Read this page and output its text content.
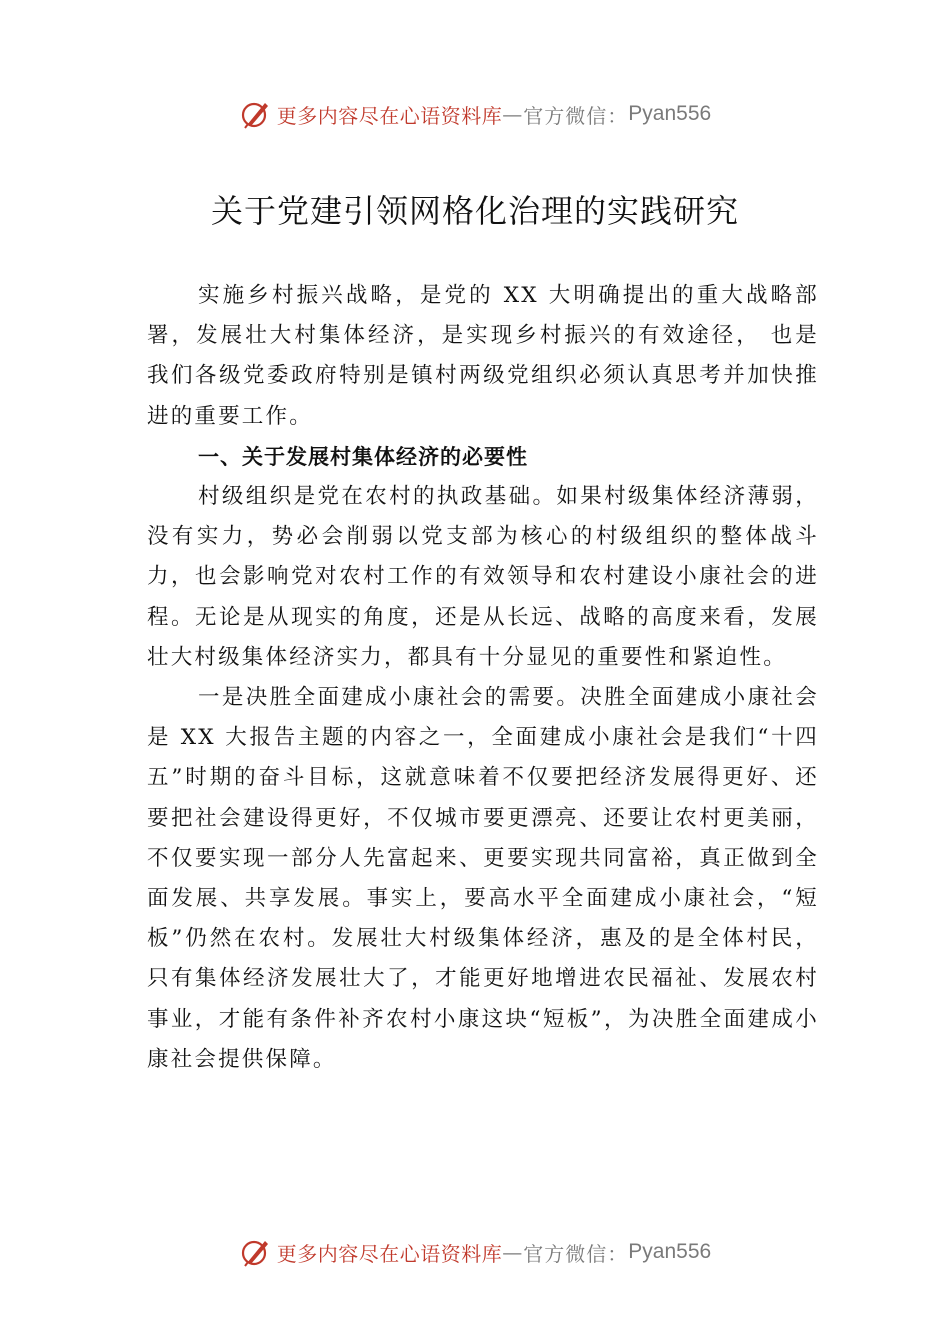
更多内容尽在心语资料库 — 官方微信： Pyan556
关于党建引领网格化治理的实践研究

实施乡村振兴战略，是党的 XX 大明确提出的重大战略部署，发展壮大村集体经济，是实现乡村振兴的有效途径， 也是我们各级党委政府特别是镇村两级党组织必须认真思考并加快推进的重要工作。

一、关于发展村集体经济的必要性

村级组织是党在农村的执政基础。如果村级集体经济薄弱，没有实力，势必会削弱以党支部为核心的村级组织的整体战斗力，也会影响党对农村工作的有效领导和农村建设小康社会的进程。无论是从现实的角度，还是从长远、战略的高度来看，发展壮大村级集体经济实力，都具有十分显见的重要性和紧迫性。

一是决胜全面建成小康社会的需要。决胜全面建成小康社会是 XX 大报告主题的内容之一，全面建成小康社会是我们“十四五”时期的奋斗目标，这就意味着不仅要把经济发展得更好、还要把社会建设得更好，不仅城市要更漂亮、还要让农村更美丽，不仅要实现一部分人先富起来、更要实现共同富裕，真正做到全面发展、共享发展。事实上，要高水平全面建成小康社会，“短板”仍然在农村。发展壮大村级集体经济，惠及的是全体村民，只有集体经济发展壮大了，才能更好地增进农民福祉、发展农村事业，才能有条件补齐农村小康这块“短板”，为决胜全面建成小康社会提供保障。

更多内容尽在心语资料库 — 官方微信： Pyan556
